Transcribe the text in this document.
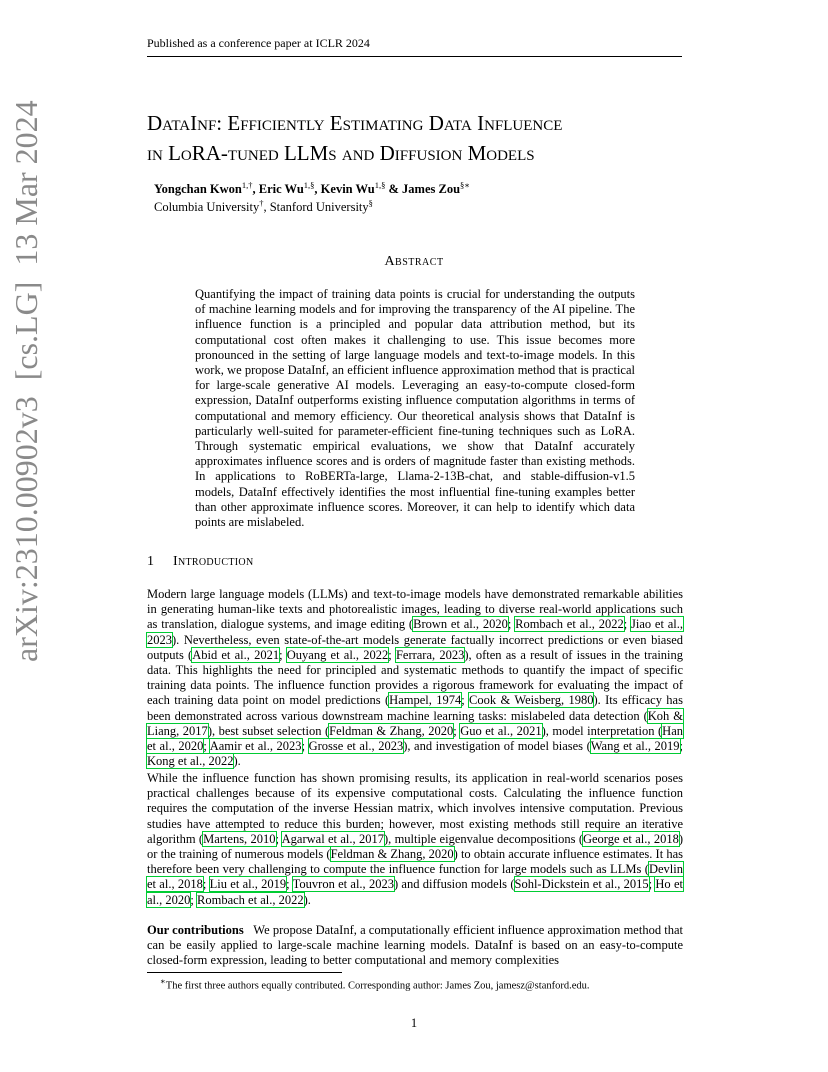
Published as a conference paper at ICLR 2024
DataInf: Efficiently Estimating Data Influence
in LoRA-tuned LLMs and Diffusion Models
Yongchan Kwon$^{1,\dagger}$, Eric $Wu^{1,\S}$, Kevin $Wu^{1,\S}$ & James Zou§∗
Columbia University†, Stanford University§
Abstract
Quantifying the impact of training data points is crucial for understanding the outputs of machine learning models and for improving the transparency of the AI pipeline. The influence function is a principled and popular data attribution method, but its computational cost often makes it challenging to use. This issue becomes more pronounced in the setting of large language models and text-to-image models. In this work, we propose DataInf, an efficient influence approximation method that is practical for large-scale generative AI models. Leveraging an easy-to-compute closed-form expression, DataInf outperforms existing influence computation algorithms in terms of computational and memory efficiency. Our theoretical analysis shows that DataInf is particularly well-suited for parameter-efficient fine-tuning techniques such as LoRA. Through systematic empirical evaluations, we show that DataInf accurately approximates influence scores and is orders of magnitude faster than existing methods. In applications to RoBERTa-large, Llama-2-13B-chat, and stable-diffusion-v1.5 models, DataInf effectively identifies the most influential fine-tuning examples better than other approximate influence scores. Moreover, it can help to identify which data points are mislabeled.
1 Introduction
Modern large language models (LLMs) and text-to-image models have demonstrated remarkable abilities in generating human-like texts and photorealistic images, leading to diverse real-world applications such as translation, dialogue systems, and image editing (Brown et al., 2020; Rombach et al., 2022; Jiao et al., 2023). Nevertheless, even state-of-the-art models generate factually incorrect predictions or even biased outputs (Abid et al., 2021; Ouyang et al., 2022; Ferrara, 2023), often as a result of issues in the training data. This highlights the need for principled and systematic methods to quantify the impact of specific training data points. The influence function provides a rigorous framework for evaluating the impact of each training data point on model predictions (Hampel, 1974; Cook & Weisberg, 1980). Its efficacy has been demonstrated across various downstream machine learning tasks: mislabeled data detection (Koh & Liang, 2017), best subset selection (Feldman & Zhang, 2020; Guo et al., 2021), model interpretation (Han et al., 2020; Aamir et al., 2023; Grosse et al., 2023), and investigation of model biases (Wang et al., 2019; Kong et al., 2022).
While the influence function has shown promising results, its application in real-world scenarios poses practical challenges because of its expensive computational costs. Calculating the influence function requires the computation of the inverse Hessian matrix, which involves intensive computation. Previous studies have attempted to reduce this burden; however, most existing methods still require an iterative algorithm (Martens, 2010; Agarwal et al., 2017), multiple eigenvalue decompositions (George et al., 2018) or the training of numerous models (Feldman & Zhang, 2020) to obtain accurate influence estimates. It has therefore been very challenging to compute the influence function for large models such as LLMs (Devlin et al., 2018; Liu et al., 2019; Touvron et al., 2023) and diffusion models (Sohl-Dickstein et al., 2015; Ho et al., 2020; Rombach et al., 2022).
Our contributions We propose DataInf, a computationally efficient influence approximation method that can be easily applied to large-scale machine learning models. DataInf is based on an easy-to-compute closed-form expression, leading to better computational and memory complexities
∗The first three authors equally contributed. Corresponding author: James Zou, jamesz@stanford.edu.
1
arXiv:2310.00902v3  [cs.LG]  13 Mar 2024
